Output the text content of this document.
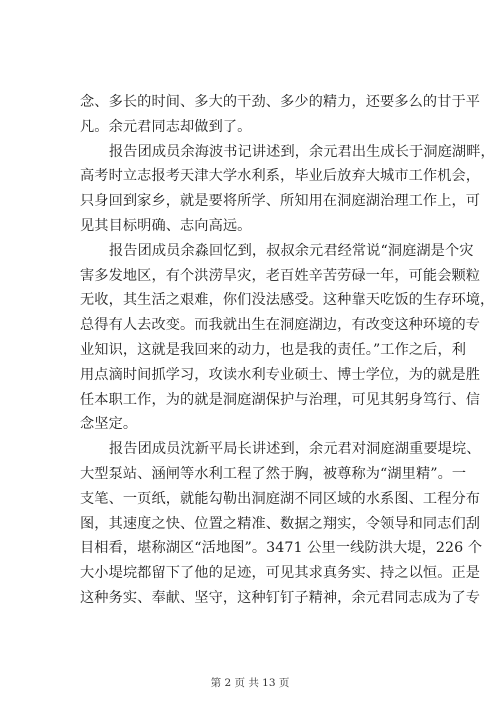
念、多长的时间、多大的干劲、多少的精力，还要多么的甘于平
凡。余元君同志却做到了。
报告团成员余海波书记讲述到，余元君出生成长于洞庭湖畔，
高考时立志报考天津大学水利系，毕业后放弃大城市工作机会，
只身回到家乡，就是要将所学、所知用在洞庭湖治理工作上，可
见其目标明确、志向高远。
报告团成员余淼回忆到，叔叔余元君经常说“洞庭湖是个灾
害多发地区，有个洪涝旱灾，老百姓辛苦劳碌一年，可能会颗粒
无收，其生活之艰难，你们没法感受。这种靠天吃饭的生存环境，
总得有人去改变。而我就出生在洞庭湖边，有改变这种环境的专
业知识，这就是我回来的动力，也是我的责任。”工作之后，利
用点滴时间抓学习，攻读水利专业硕士、博士学位，为的就是胜
任本职工作，为的就是洞庭湖保护与治理，可见其躬身笃行、信
念坚定。
报告团成员沈新平局长讲述到，余元君对洞庭湖重要堤垸、
大型泵站、涵闸等水利工程了然于胸，被尊称为“湖里精”。一
支笔、一页纸，就能勾勒出洞庭湖不同区域的水系图、工程分布
图，其速度之快、位置之精准、数据之翔实，令领导和同志们刮
目相看，堪称湖区“活地图”。3471 公里一线防洪大堤，226 个
大小堤垸都留下了他的足迹，可见其求真务实、持之以恒。正是
这种务实、奉献、坚守，这种钉钉子精神，余元君同志成为了专
第 2 页 共 13 页
